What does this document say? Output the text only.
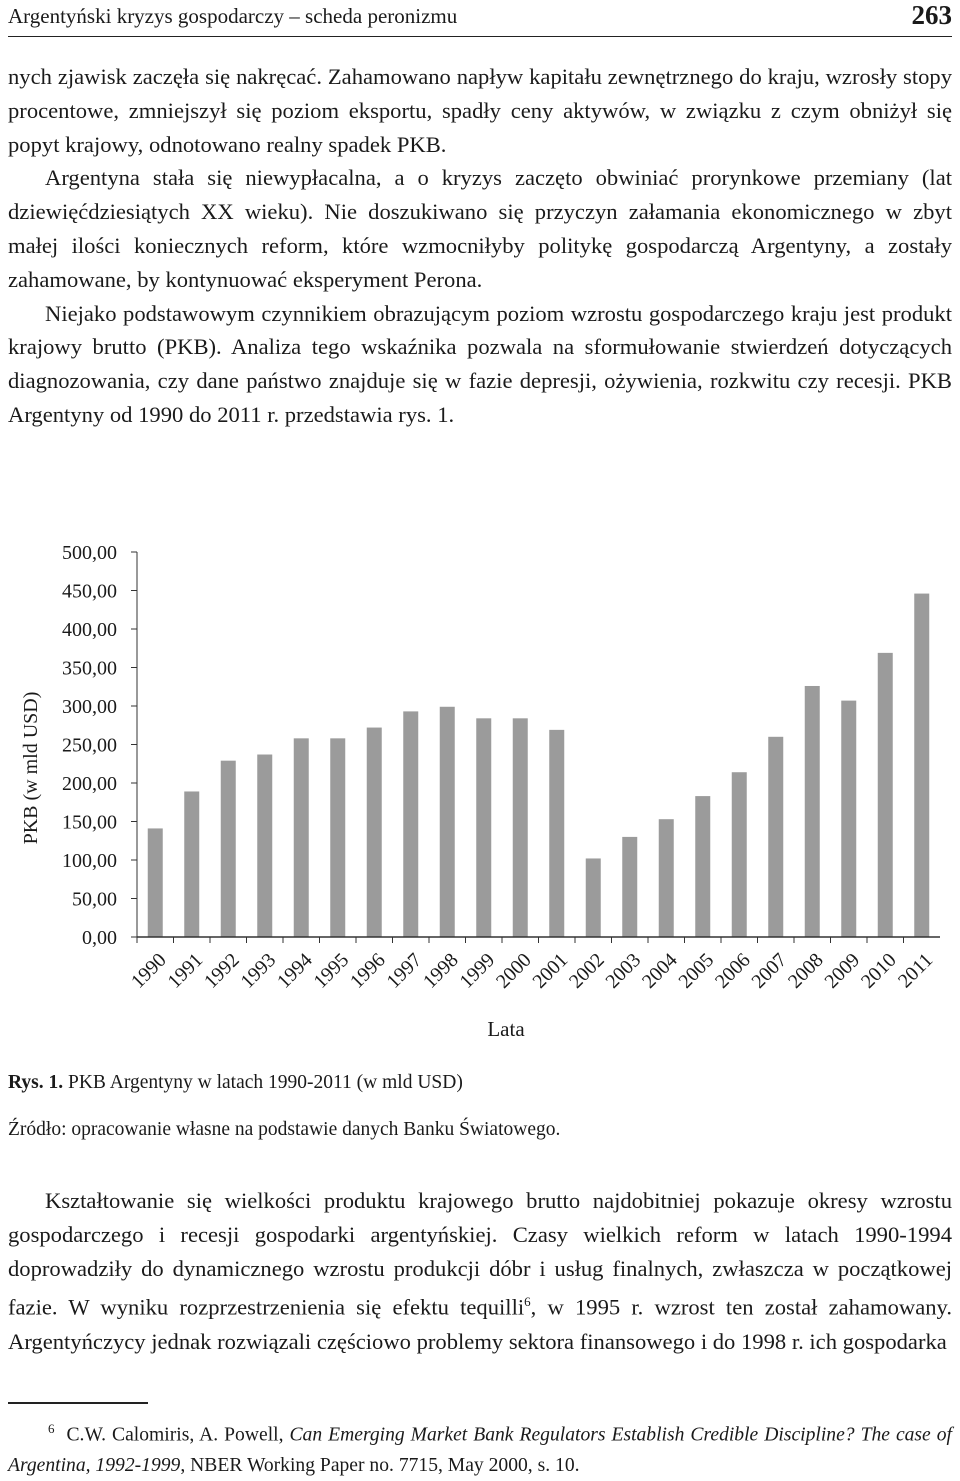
Argentyński kryzys gospodarczy – scheda peronizmu	263

nych zjawisk zaczęła się nakręcać. Zahamowano napływ kapitału zewnętrznego do kraju, wzrosły stopy procentowe, zmniejszył się poziom eksportu, spadły ceny aktywów, w związku z czym obniżył się popyt krajowy, odnotowano realny spadek PKB.

Argentyna stała się niewypłacalna, a o kryzys zaczęto obwiniać prorynkowe przemiany (lat dziewięćdziesiątych XX wieku). Nie doszukiwano się przyczyn załamania ekonomicznego w zbyt małej ilości koniecznych reform, które wzmocniłyby politykę gospodarczą Argentyny, a zostały zahamowane, by kontynuować eksperyment Perona.

Niejako podstawowym czynnikiem obrazującym poziom wzrostu gospodarczego kraju jest produkt krajowy brutto (PKB). Analiza tego wskaźnika pozwala na sformułowanie stwierdzeń dotyczących diagnozowania, czy dane państwo znajduje się w fazie depresji, ożywienia, rozkwitu czy recesji. PKB Argentyny od 1990 do 2011 r. przedstawia rys. 1.

0,00
50,00
100,00
150,00
200,00
250,00
300,00
350,00
400,00
450,00
500,00
1990
1991
1992
1993
1994
1995
1996
1997
1998
1999
2000
2001
2002
2003
2004
2005
2006
2007
2008
2009
2010
2011
PKB (w mld USD)
Lata
Rys. 1. PKB Argentyny w latach 1990-2011 (w mld USD)
Źródło: opracowanie własne na podstawie danych Banku Światowego.

Kształtowanie się wielkości produktu krajowego brutto najdobitniej pokazuje okresy wzrostu gospodarczego i recesji gospodarki argentyńskiej. Czasy wielkich reform w latach 1990-1994 doprowadziły do dynamicznego wzrostu produkcji dóbr i usług finalnych, zwłaszcza w początkowej fazie. W wyniku rozprzestrzenienia się efektu tequilli$^6$, w 1995 r. wzrost ten został zahamowany. Argentyńczycy jednak rozwiązali częściowo problemy sektora finansowego i do 1998 r. ich gospodarka

$^6$ C.W. Calomiris, A. Powell, Can Emerging Market Bank Regulators Establish Credible Discipline? The case of Argentina, 1992-1999, NBER Working Paper no. 7715, May 2000, s. 10.
